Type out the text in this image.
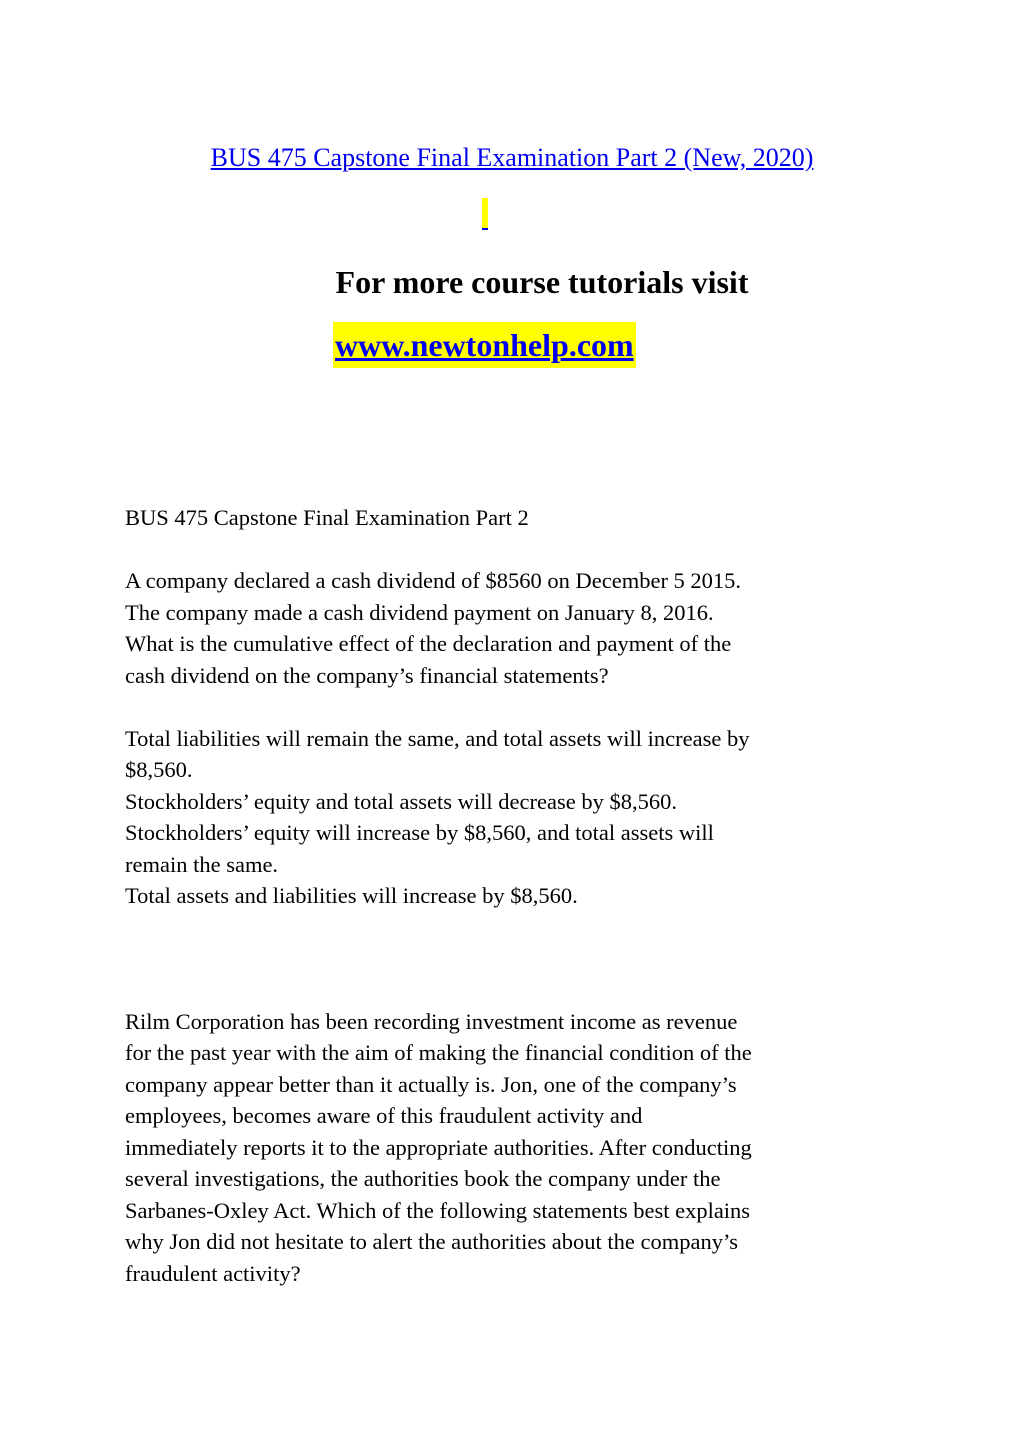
BUS 475 Capstone Final Examination Part 2 (New, 2020)
For more course tutorials visit
www.newtonhelp.com

BUS 475 Capstone Final Examination Part 2

A company declared a cash dividend of $8560 on December 5 2015.

The company made a cash dividend payment on January 8, 2016.

What is the cumulative effect of the declaration and payment of the

cash dividend on the company’s financial statements?

Total liabilities will remain the same, and total assets will increase by

$8,560.

Stockholders’ equity and total assets will decrease by $8,560.

Stockholders’ equity will increase by $8,560, and total assets will

remain the same.

Total assets and liabilities will increase by $8,560.

Rilm Corporation has been recording investment income as revenue

for the past year with the aim of making the financial condition of the

company appear better than it actually is. Jon, one of the company’s

employees, becomes aware of this fraudulent activity and

immediately reports it to the appropriate authorities. After conducting

several investigations, the authorities book the company under the

Sarbanes-Oxley Act. Which of the following statements best explains

why Jon did not hesitate to alert the authorities about the company’s

fraudulent activity?
